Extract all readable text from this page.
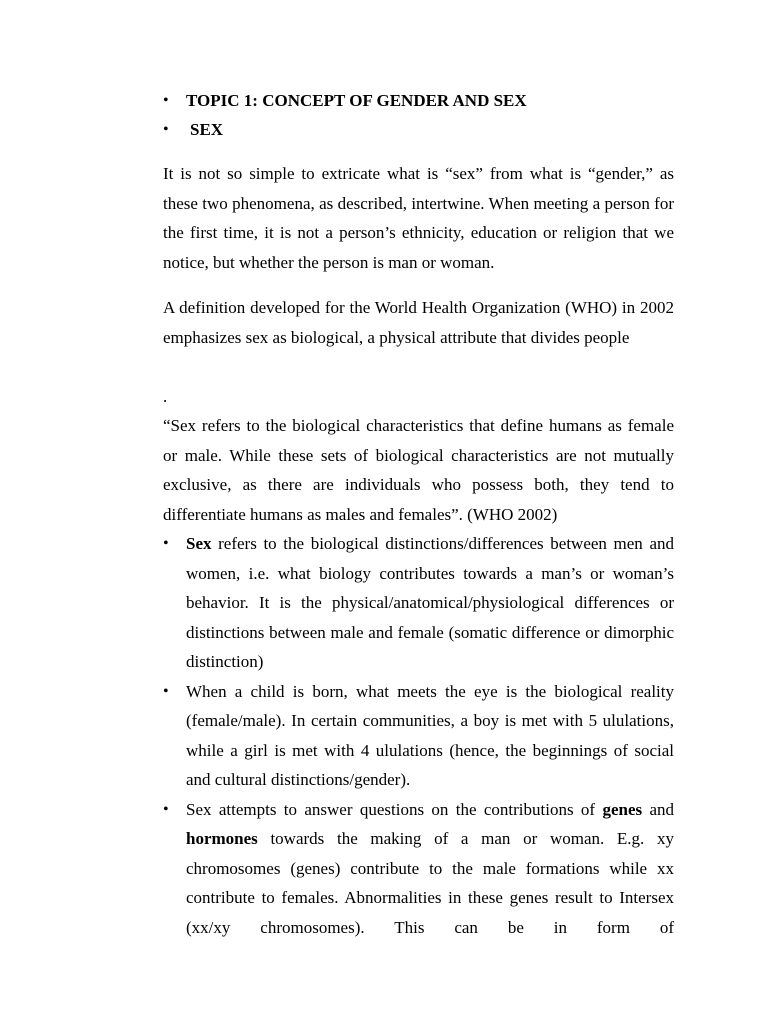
• TOPIC 1: CONCEPT OF GENDER AND SEX
• SEX

It is not so simple to extricate what is “sex” from what is “gender,” as these two phenomena, as described, intertwine. When meeting a person for the first time, it is not a person’s ethnicity, education or religion that we notice, but whether the person is man or woman.

A definition developed for the World Health Organization (WHO) in 2002 emphasizes sex as biological, a physical attribute that divides people

.

“Sex refers to the biological characteristics that define humans as female or male. While these sets of biological characteristics are not mutually exclusive, as there are individuals who possess both, they tend to differentiate humans as males and females”. (WHO 2002)

• Sex refers to the biological distinctions/differences between men and women, i.e. what biology contributes towards a man’s or woman’s behavior. It is the physical/anatomical/physiological differences or distinctions between male and female (somatic difference or dimorphic distinction)
• When a child is born, what meets the eye is the biological reality (female/male). In certain communities, a boy is met with 5 ululations, while a girl is met with 4 ululations (hence, the beginnings of social and cultural distinctions/gender).
• Sex attempts to answer questions on the contributions of genes and hormones towards the making of a man or woman. E.g. xy chromosomes (genes) contribute to the male formations while xx contribute to females. Abnormalities in these genes result to Intersex (xx/xy chromosomes). This can be in form of
